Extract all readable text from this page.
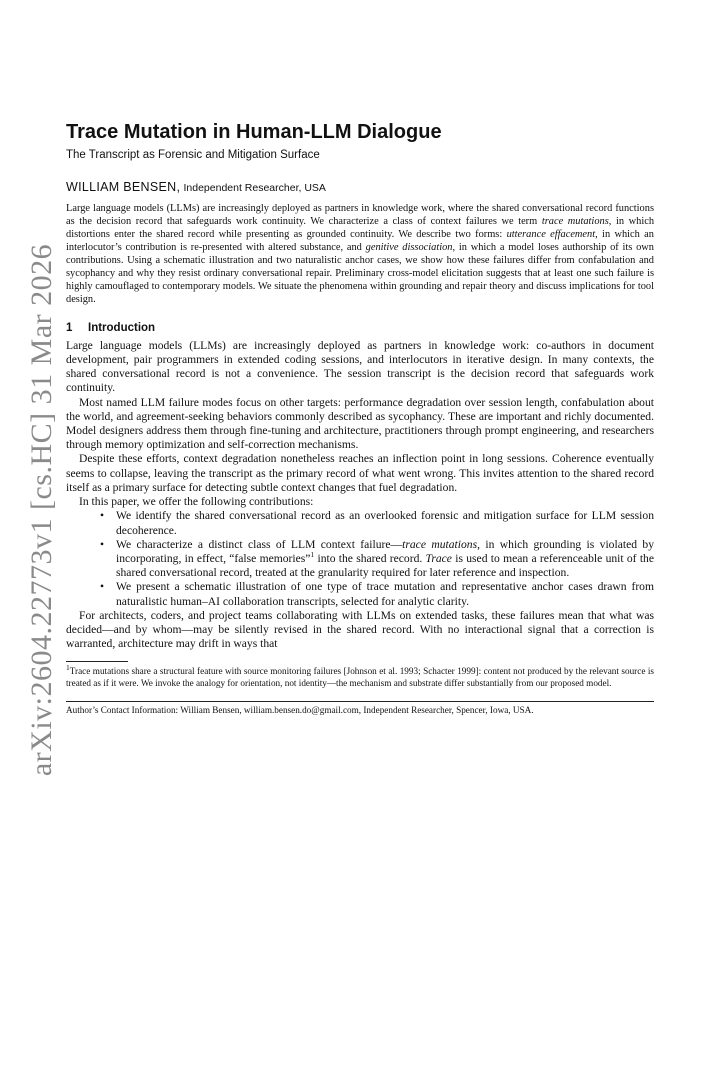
arXiv:2604.22773v1 [cs.HC] 31 Mar 2026
Trace Mutation in Human-LLM Dialogue
The Transcript as Forensic and Mitigation Surface
WILLIAM BENSEN, Independent Researcher, USA
Large language models (LLMs) are increasingly deployed as partners in knowledge work, where the shared conversational record functions as the decision record that safeguards work continuity. We characterize a class of context failures we term trace mutations, in which distortions enter the shared record while presenting as grounded continuity. We describe two forms: utterance effacement, in which an interlocutor’s contribution is re-presented with altered substance, and genitive dissociation, in which a model loses authorship of its own contributions. Using a schematic illustration and two naturalistic anchor cases, we show how these failures differ from confabulation and sycophancy and why they resist ordinary conversational repair. Preliminary cross-model elicitation suggests that at least one such failure is highly camouflaged to contemporary models. We situate the phenomena within grounding and repair theory and discuss implications for tool design.
1 Introduction

Large language models (LLMs) are increasingly deployed as partners in knowledge work: co-authors in document development, pair programmers in extended coding sessions, and interlocutors in iterative design. In many contexts, the shared conversational record is not a convenience. The session transcript is the decision record that safeguards work continuity.

Most named LLM failure modes focus on other targets: performance degradation over session length, confabulation about the world, and agreement-seeking behaviors commonly described as sycophancy. These are important and richly documented. Model designers address them through fine-tuning and architecture, practitioners through prompt engineering, and researchers through memory optimization and self-correction mechanisms.

Despite these efforts, context degradation nonetheless reaches an inflection point in long sessions. Coherence eventually seems to collapse, leaving the transcript as the primary record of what went wrong. This invites attention to the shared record itself as a primary surface for detecting subtle context changes that fuel degradation.

In this paper, we offer the following contributions:

• We identify the shared conversational record as an overlooked forensic and mitigation surface for LLM session decoherence.
• We characterize a distinct class of LLM context failure—trace mutations, in which grounding is violated by incorporating, in effect, “false memories”$^1$ into the shared record. Trace is used to mean a referenceable unit of the shared conversational record, treated at the granularity required for later reference and inspection.
• We present a schematic illustration of one type of trace mutation and representative anchor cases drawn from naturalistic human–AI collaboration transcripts, selected for analytic clarity.

For architects, coders, and project teams collaborating with LLMs on extended tasks, these failures mean that what was decided—and by whom—may be silently revised in the shared record. With no interactional signal that a correction is warranted, architecture may drift in ways that

$^1$Trace mutations share a structural feature with source monitoring failures [Johnson et al. 1993; Schacter 1999]: content not produced by the relevant source is treated as if it were. We invoke the analogy for orientation, not identity—the mechanism and substrate differ substantially from our proposed model.
Author’s Contact Information: William Bensen, william.bensen.do@gmail.com, Independent Researcher, Spencer, Iowa, USA.
